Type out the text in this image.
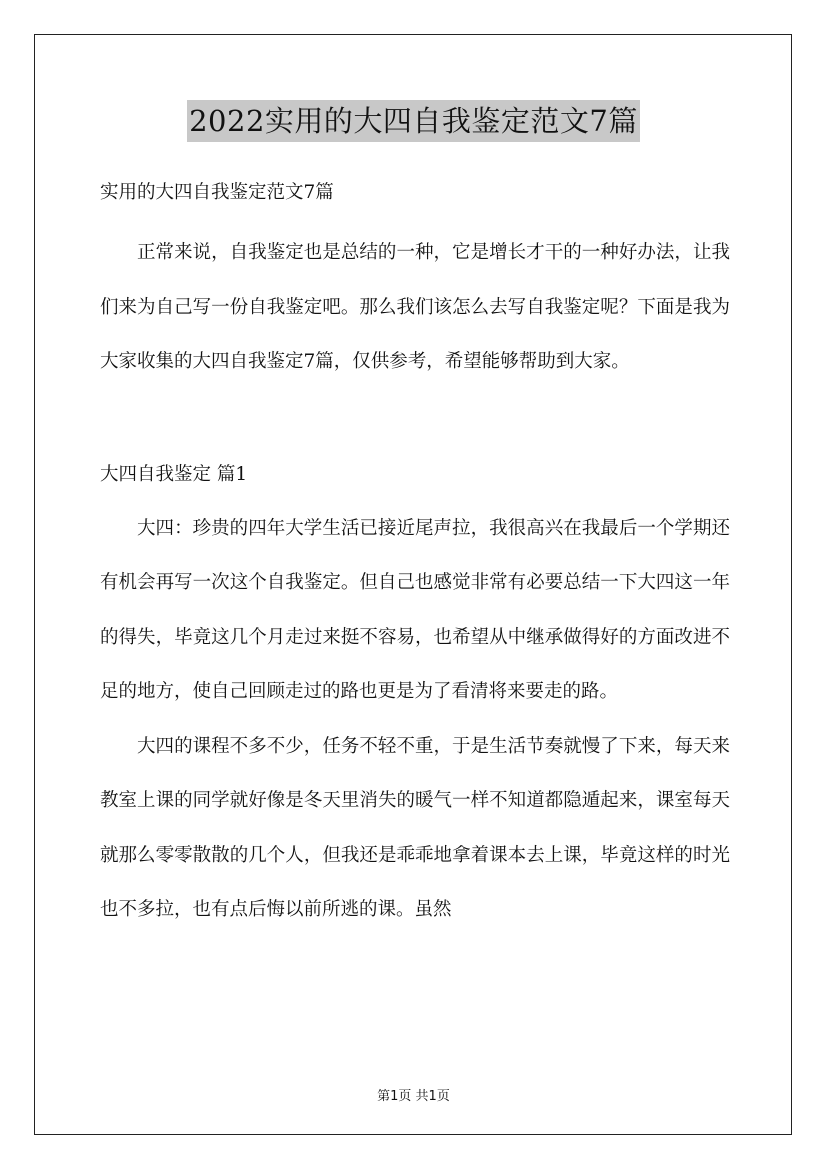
2022实用的大四自我鉴定范文7篇

实用的大四自我鉴定范文7篇

正常来说，自我鉴定也是总结的一种，它是增长才干的一种好办法，让我们来为自己写一份自我鉴定吧。那么我们该怎么去写自我鉴定呢？下面是我为大家收集的大四自我鉴定7篇，仅供参考，希望能够帮助到大家。

大四自我鉴定 篇1

大四：珍贵的四年大学生活已接近尾声拉，我很高兴在我最后一个学期还有机会再写一次这个自我鉴定。但自己也感觉非常有必要总结一下大四这一年的得失，毕竟这几个月走过来挺不容易，也希望从中继承做得好的方面改进不足的地方，使自己回顾走过的路也更是为了看清将来要走的路。

大四的课程不多不少，任务不轻不重，于是生活节奏就慢了下来，每天来教室上课的同学就好像是冬天里消失的暖气一样不知道都隐遁起来，课室每天就那么零零散散的几个人，但我还是乖乖地拿着课本去上课，毕竟这样的时光也不多拉，也有点后悔以前所逃的课。虽然

第1页 共1页
